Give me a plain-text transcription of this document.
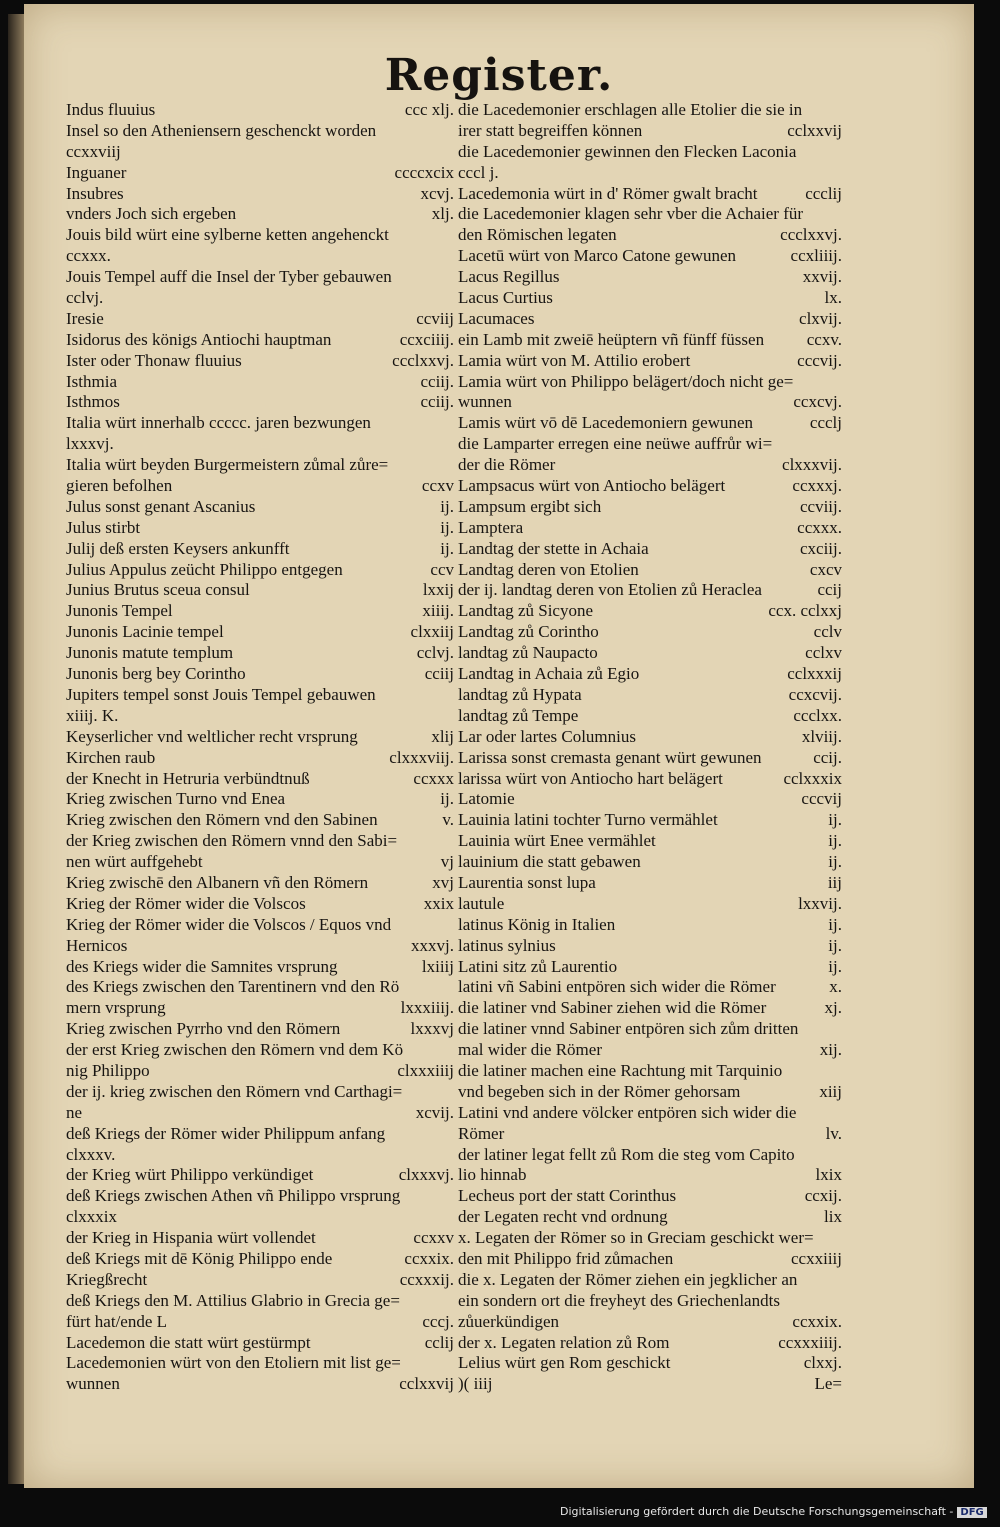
Register.
Indus fluuius	ccc xlj.
Insel so den Atheniensern geschenckt worden
ccxxviij
Inguaner	ccccxcix
Insubres	xcvj.
vnders Joch sich ergeben	xlj.
Jouis bild würt eine sylberne ketten angehenckt
ccxxx.
Jouis Tempel auff die Insel der Tyber gebauwen
cclvj.
Iresie	ccviij
Isidorus des königs Antiochi hauptman	ccxciiij.
Ister oder Thonaw fluuius	ccclxxvj.
Isthmia	cciij.
Isthmos	cciij.
Italia würt innerhalb ccccc. jaren bezwungen
lxxxvj.
Italia würt beyden Burgermeistern zůmal zůre=
gieren befolhen	ccxv
Julus sonst genant Ascanius	ij.
Julus stirbt	ij.
Julij deß ersten Keysers ankunfft	ij.
Julius Appulus zeücht Philippo entgegen	ccv
Junius Brutus sceua consul	lxxij
Junonis Tempel	xiiij.
Junonis Lacinie tempel	clxxiij
Junonis matute templum	cclvj.
Junonis berg bey Corintho	cciij
Jupiters tempel sonst Jouis Tempel gebauwen
xiiij. K.
Keyserlicher vnd weltlicher recht vrsprung	xlij
Kirchen raub	clxxxviij.
der Knecht in Hetruria verbündtnuß	ccxxx
Krieg zwischen Turno vnd Enea	ij.
Krieg zwischen den Römern vnd den Sabinen	v.
der Krieg zwischen den Römern vnnd den Sabi=
nen würt auffgehebt	vj
Krieg zwischē den Albanern vñ den Römern	xvj
Krieg der Römer wider die Volscos	xxix
Krieg der Römer wider die Volscos / Equos vnd
Hernicos	xxxvj.
des Kriegs wider die Samnites vrsprung	lxiiij
des Kriegs zwischen den Tarentinern vnd den Rö
mern vrsprung	lxxxiiij.
Krieg zwischen Pyrrho vnd den Römern	lxxxvj
der erst Krieg zwischen den Römern vnd dem Kö
nig Philippo	clxxxiiij
der ij. krieg zwischen den Römern vnd Carthagi=
ne	xcvij.
deß Kriegs der Römer wider Philippum anfang
clxxxv.
der Krieg würt Philippo verkündiget	clxxxvj.
deß Kriegs zwischen Athen vñ Philippo vrsprung
clxxxix
der Krieg in Hispania würt vollendet	ccxxv
deß Kriegs mit dē König Philippo ende	ccxxix.
Kriegßrecht	ccxxxij.
deß Kriegs den M. Attilius Glabrio in Grecia ge=
fürt hat/ende L	cccj.
Lacedemon die statt würt gestürmpt	cclij
Lacedemonien würt von den Etoliern mit list ge=
wunnen	cclxxvij
die Lacedemonier erschlagen alle Etolier die sie in
irer statt begreiffen können	cclxxvij
die Lacedemonier gewinnen den Flecken Laconia
cccl j.
Lacedemonia würt in d' Römer gwalt bracht	ccclij
die Lacedemonier klagen sehr vber die Achaier für
den Römischen legaten	ccclxxvj.
Lacetū würt von Marco Catone gewunen	ccxliiij.
Lacus Regillus	xxvij.
Lacus Curtius	lx.
Lacumaces	clxvij.
ein Lamb mit zweiē heüptern vñ fünff füssen	ccxv.
Lamia würt von M. Attilio erobert	cccvij.
Lamia würt von Philippo belägert/doch nicht ge=
wunnen	ccxcvj.
Lamis würt vō dē Lacedemoniern gewunen	ccclj
die Lamparter erregen eine neüwe auffrůr wi=
der die Römer	clxxxvij.
Lampsacus würt von Antiocho belägert	ccxxxj.
Lampsum ergibt sich	ccviij.
Lamptera	ccxxx.
Landtag der stette in Achaia	cxciij.
Landtag deren von Etolien	cxcv
der ij. landtag deren von Etolien zů Heraclea	ccij
Landtag zů Sicyone	ccx. cclxxj
Landtag zů Corintho	cclv
landtag zů Naupacto	cclxv
Landtag in Achaia zů Egio	cclxxxij
landtag zů Hypata	ccxcvij.
landtag zů Tempe	ccclxx.
Lar oder lartes Columnius	xlviij.
Larissa sonst cremasta genant würt gewunen	ccij.
larissa würt von Antiocho hart belägert	cclxxxix
Latomie	cccvij
Lauinia latini tochter Turno vermählet	ij.
Lauinia würt Enee vermählet	ij.
lauinium die statt gebawen	ij.
Laurentia sonst lupa	iij
lautule	lxxvij.
latinus König in Italien	ij.
latinus sylnius	ij.
Latini sitz zů Laurentio	ij.
latini vñ Sabini entpören sich wider die Römer	x.
die latiner vnd Sabiner ziehen wid die Römer	xj.
die latiner vnnd Sabiner entpören sich zům dritten
mal wider die Römer	xij.
die latiner machen eine Rachtung mit Tarquinio
vnd begeben sich in der Römer gehorsam	xiij
Latini vnd andere völcker entpören sich wider die
Römer	lv.
der latiner legat fellt zů Rom die steg vom Capito
lio hinnab	lxix
Lecheus port der statt Corinthus	ccxij.
der Legaten recht vnd ordnung	lix
x. Legaten der Römer so in Greciam geschickt wer=
den mit Philippo frid zůmachen	ccxxiiij
die x. Legaten der Römer ziehen ein jegklicher an
ein sondern ort die freyheyt des Griechenlandts
zůuerkündigen	ccxxix.
der x. Legaten relation zů Rom	ccxxxiiij.
Lelius würt gen Rom geschickt	clxxj.
)( iiij	Le=
Digitalisierung gefördert durch die Deutsche Forschungsgemeinschaft - DFG
